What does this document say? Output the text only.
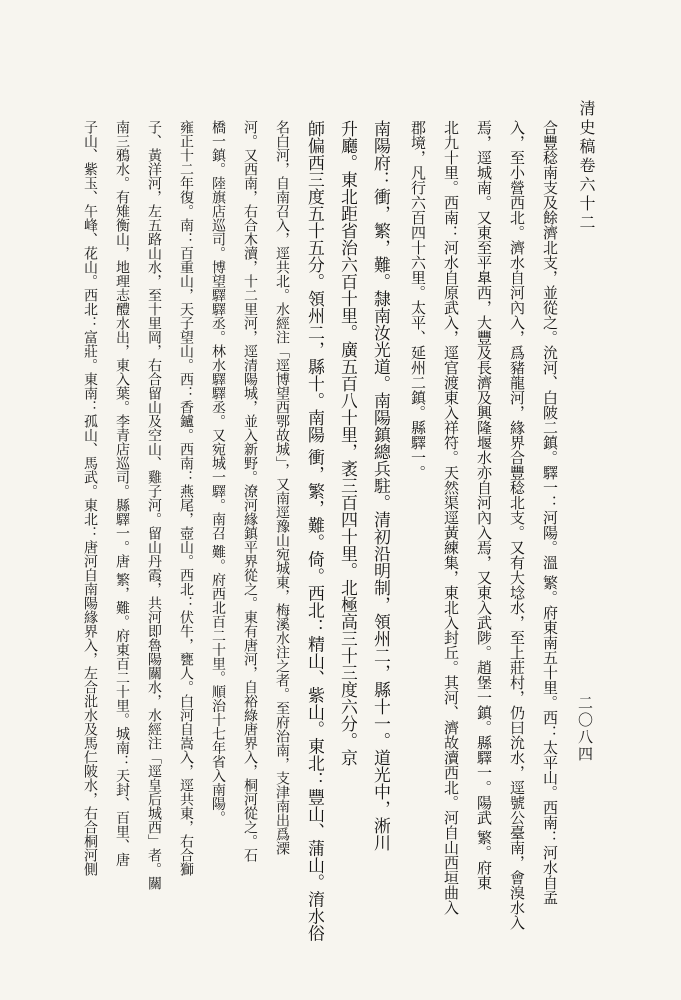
清史稿卷六十二
二〇八四
合豐稔南支及餘濟北支，並從之。沇河、白陂二鎮。驛一：河陽。溫 繁。府東南五十里。西：太平山。西南：河水自孟
入，至小營西北。濟水自河內入，爲豬龍河，緣界合豐稔北支。又有大埝水，至上莊村，仍曰沇水，逕號公臺南，會溴水入
焉，逕城南。又東至平臯西，大豐及長濟及興隆堰水亦自河內入焉，又東入武陟。趙堡一鎮。縣驛一。陽武 繁。府東
北九十里。西南：河水自原武入，逕官渡東入祥符。天然渠逕黃練集，東北入封丘。其河、濟故瀆西北。河自山西垣曲入
郡境，凡行六百四十六里。太平、延州二鎮。縣驛一。
南陽府：衝，繁，難。隸南汝光道。南陽鎮總兵駐。清初沿明制，領州二，縣十一。道光中，淅川
升廳。東北距省治六百十里。廣五百八十里，袤三百四十里。北極高三十三度六分。京
師偏西三度五十五分。領州二，縣十。南陽 衝，繁，難。倚。西北：精山、紫山。東北：豐山、蒲山。淯水俗
名白河，自南召入，逕共北。水經注「逕博望西鄂故城」，又南逕豫山宛城東，梅溪水注之者。至府治南，支津南出爲溧
河。又西南，右合木瀆，十二里河，逕清陽城，並入新野。潦河緣鎮平界從之。東有唐河，自裕綠唐界入，桐河從之。石
橋一鎮。陸旗店巡司。博望驛驛丞。林水驛驛丞。又宛城一驛。南召 難。府西北百二十里。順治十七年省入南陽。
雍正十二年復。南：百重山，天子望山。西：香鑪。西南：燕尾，壺山。西北：伏牛，甕人。白河自嵩入，逕共東，右合獅
子、黃洋河，左五路山水，至十里岡，右合留山及空山、雞子河。留山丹霞，共河即魯陽關水，水經注「逕皇后城西」者。關
南三鴉水。有雉衡山，地理志醴水出，東入葉。李青店巡司。縣驛一。唐 繁，難。府東百二十里。城南：天封、百里、唐
子山、紫玉、午峰、花山。西北：富莊。東南：孤山、馬武。東北：唐河自南陽緣界入，左合沘水及馬仁陂水，右合桐河側
